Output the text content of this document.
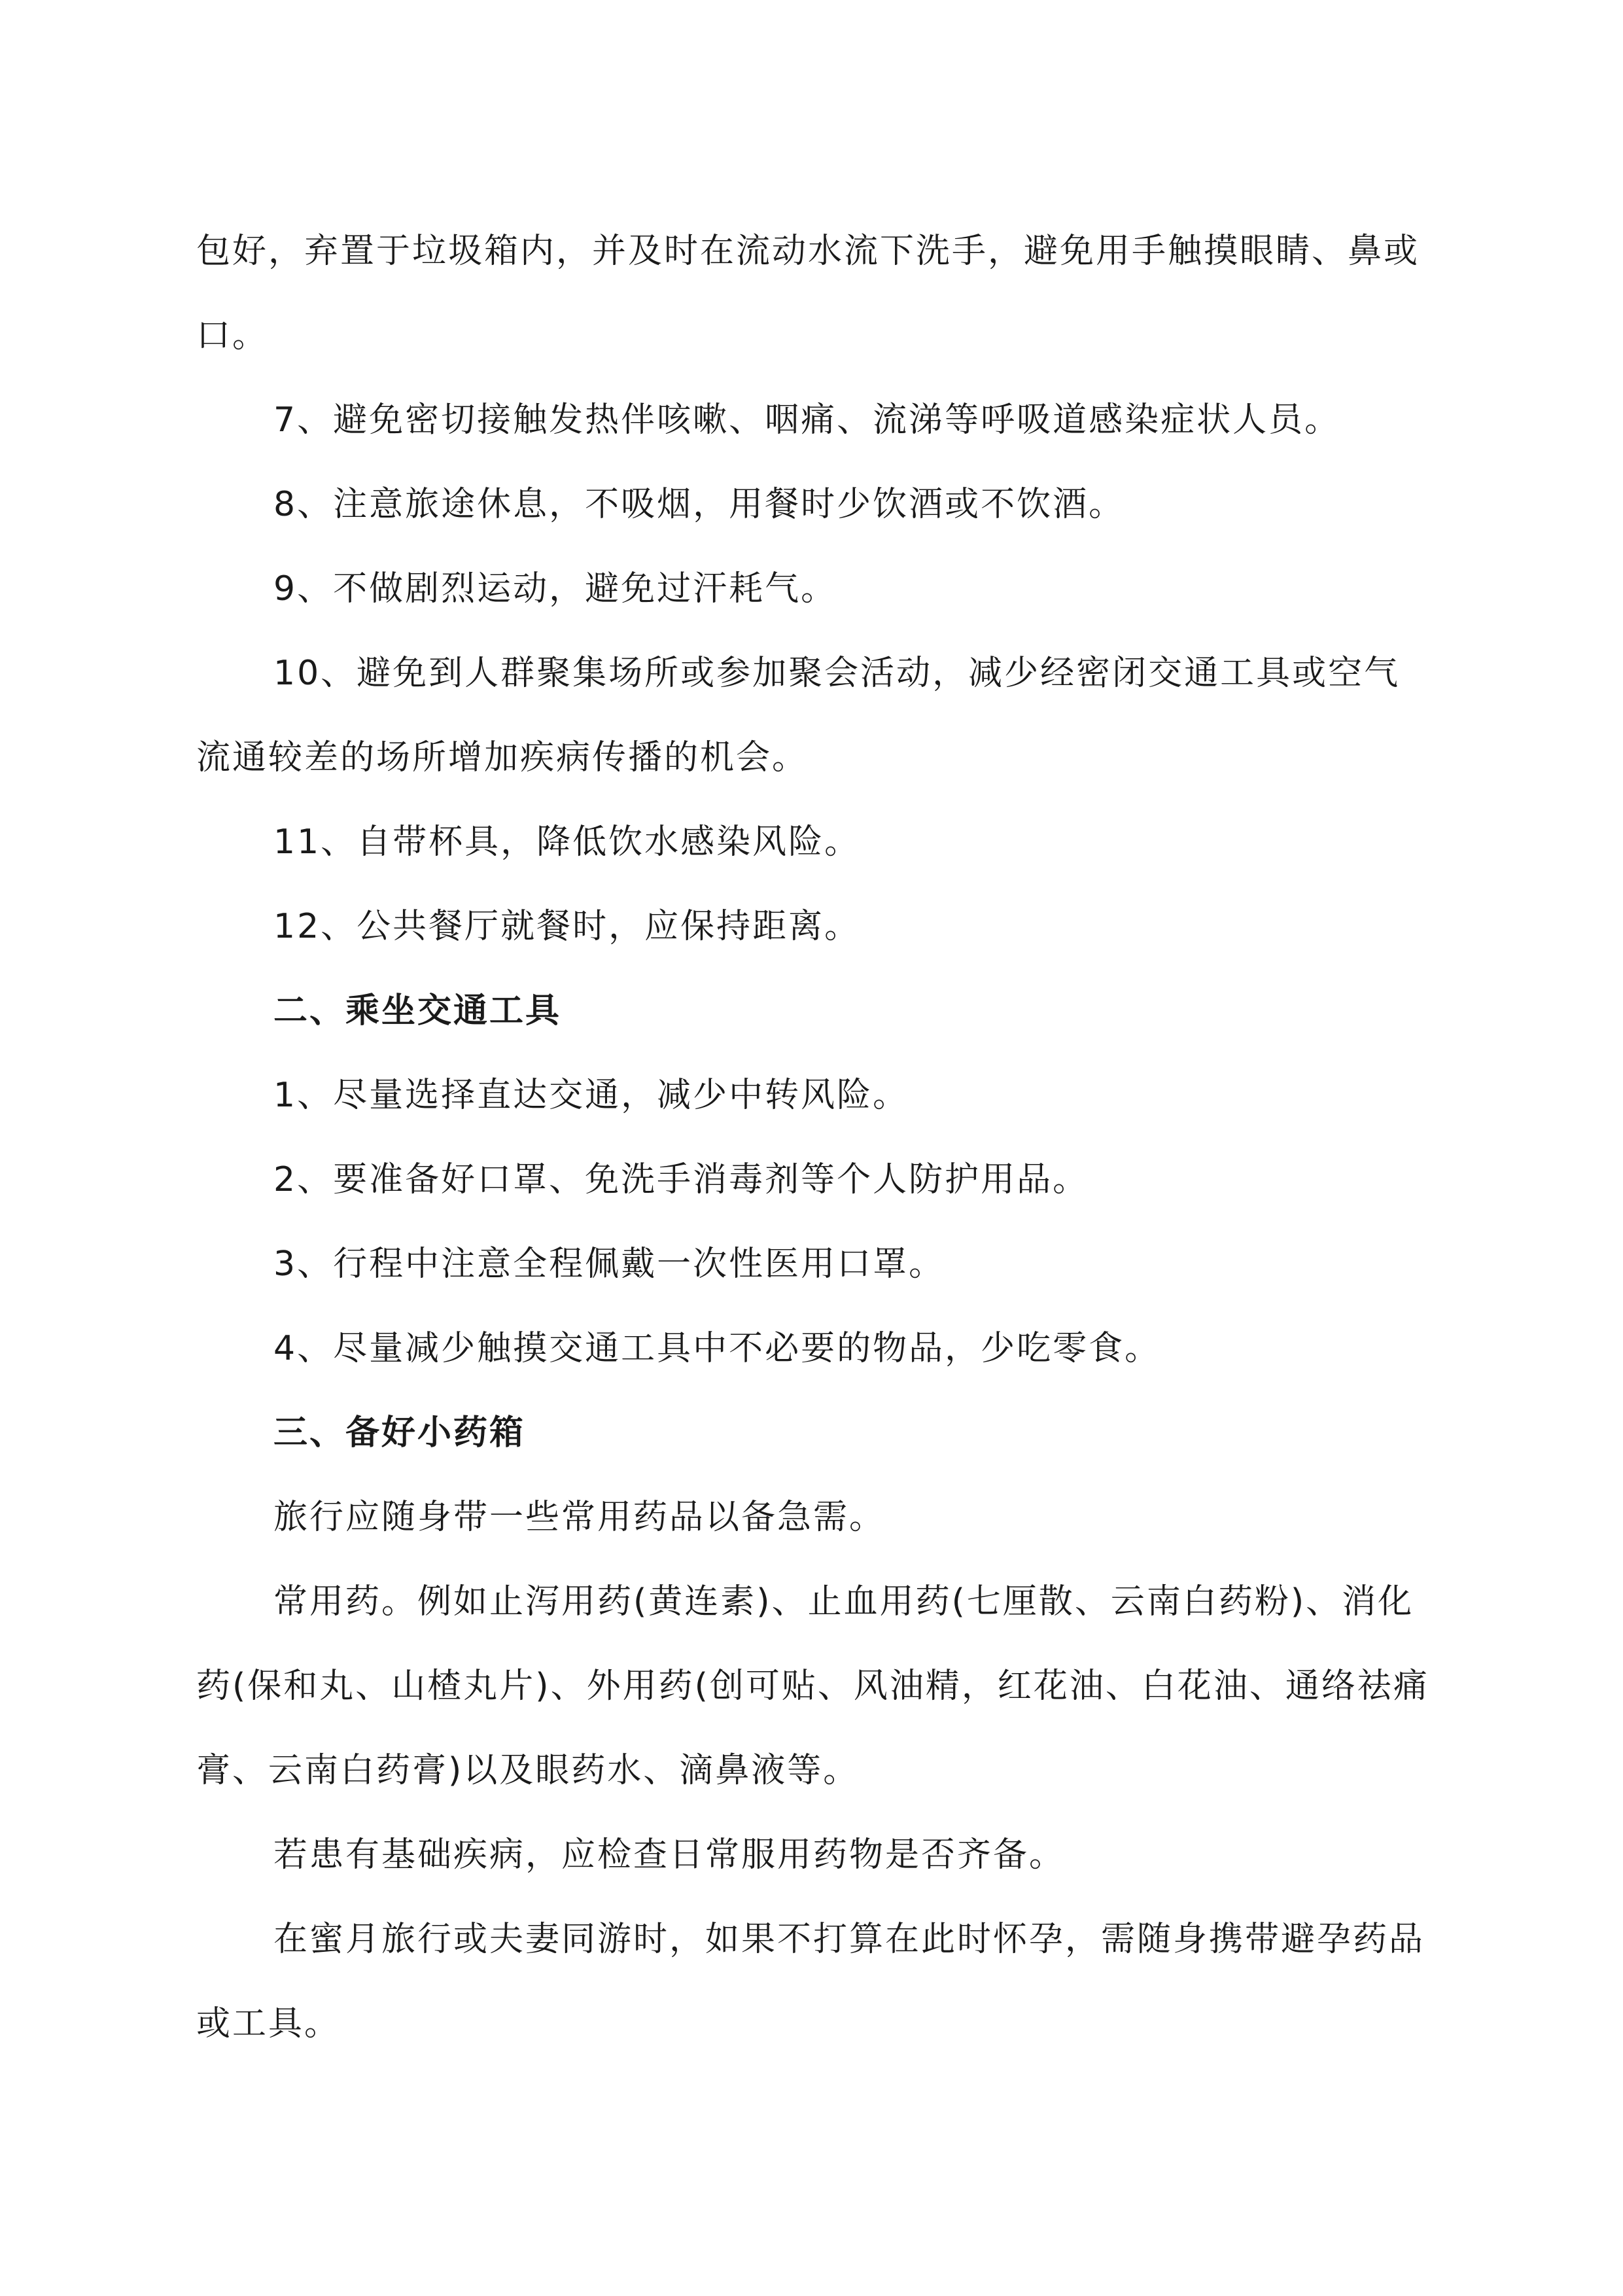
包好，弃置于垃圾箱内，并及时在流动水流下洗手，避免用手触摸眼睛、鼻或口。

7、避免密切接触发热伴咳嗽、咽痛、流涕等呼吸道感染症状人员。

8、注意旅途休息，不吸烟，用餐时少饮酒或不饮酒。

9、不做剧烈运动，避免过汗耗气。

10、避免到人群聚集场所或参加聚会活动，减少经密闭交通工具或空气流通较差的场所增加疾病传播的机会。

11、自带杯具，降低饮水感染风险。

12、公共餐厅就餐时，应保持距离。

二、乘坐交通工具

1、尽量选择直达交通，减少中转风险。

2、要准备好口罩、免洗手消毒剂等个人防护用品。

3、行程中注意全程佩戴一次性医用口罩。

4、尽量减少触摸交通工具中不必要的物品，少吃零食。

三、备好小药箱

旅行应随身带一些常用药品以备急需。

常用药。例如止泻用药(黄连素)、止血用药(七厘散、云南白药粉)、消化药(保和丸、山楂丸片)、外用药(创可贴、风油精，红花油、白花油、通络祛痛膏、云南白药膏)以及眼药水、滴鼻液等。

若患有基础疾病，应检查日常服用药物是否齐备。

在蜜月旅行或夫妻同游时，如果不打算在此时怀孕，需随身携带避孕药品或工具。
